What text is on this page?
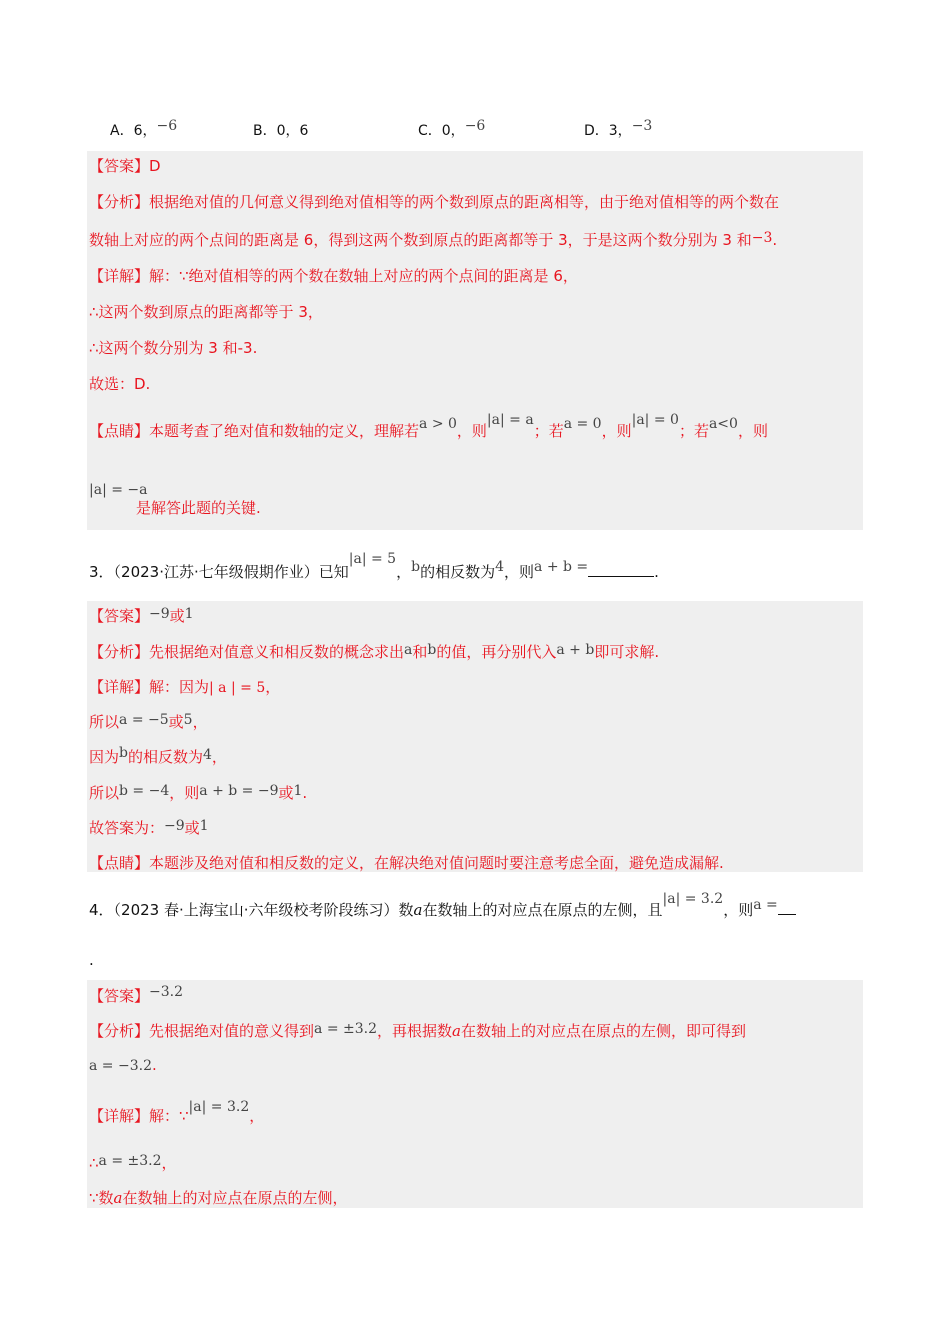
A．6，−6	B．0，6	C．0，−6	D．3，−3
【答案】D
【分析】根据绝对值的几何意义得到绝对值相等的两个数到原点的距离相等，由于绝对值相等的两个数在
数轴上对应的两个点间的距离是 6，得到这两个数到原点的距离都等于 3，于是这两个数分别为 3 和−3.
【详解】解：∵绝对值相等的两个数在数轴上对应的两个点间的距离是 6，
∴这两个数到原点的距离都等于 3，
∴这两个数分别为 3 和-3.
故选：D.
【点睛】本题考查了绝对值和数轴的定义，理解若a > 0，则|a| = a；若a = 0，则|a| = 0；若a<0，则
|a| = −a
是解答此题的关键.
3．（2023·江苏·七年级假期作业）已知|a| = 5，b的相反数为4，则a + b =	.
【答案】−9或1
【分析】先根据绝对值意义和相反数的概念求出a和b的值，再分别代入a + b即可求解.
【详解】解：因为| a | = 5，
所以a = −5或5，
因为b的相反数为4，
所以b = −4，则a + b = −9或1.
故答案为：−9或1
【点睛】本题涉及绝对值和相反数的定义，在解决绝对值问题时要注意考虑全面，避免造成漏解.
4．（2023 春·上海宝山·六年级校考阶段练习）数a在数轴上的对应点在原点的左侧，且|a| = 3.2，则a =
.
【答案】−3.2
【分析】先根据绝对值的意义得到a = ±3.2，再根据数a在数轴上的对应点在原点的左侧，即可得到
a = −3.2.
【详解】解：∵|a| = 3.2，
∴a = ±3.2，
∵数a在数轴上的对应点在原点的左侧，
